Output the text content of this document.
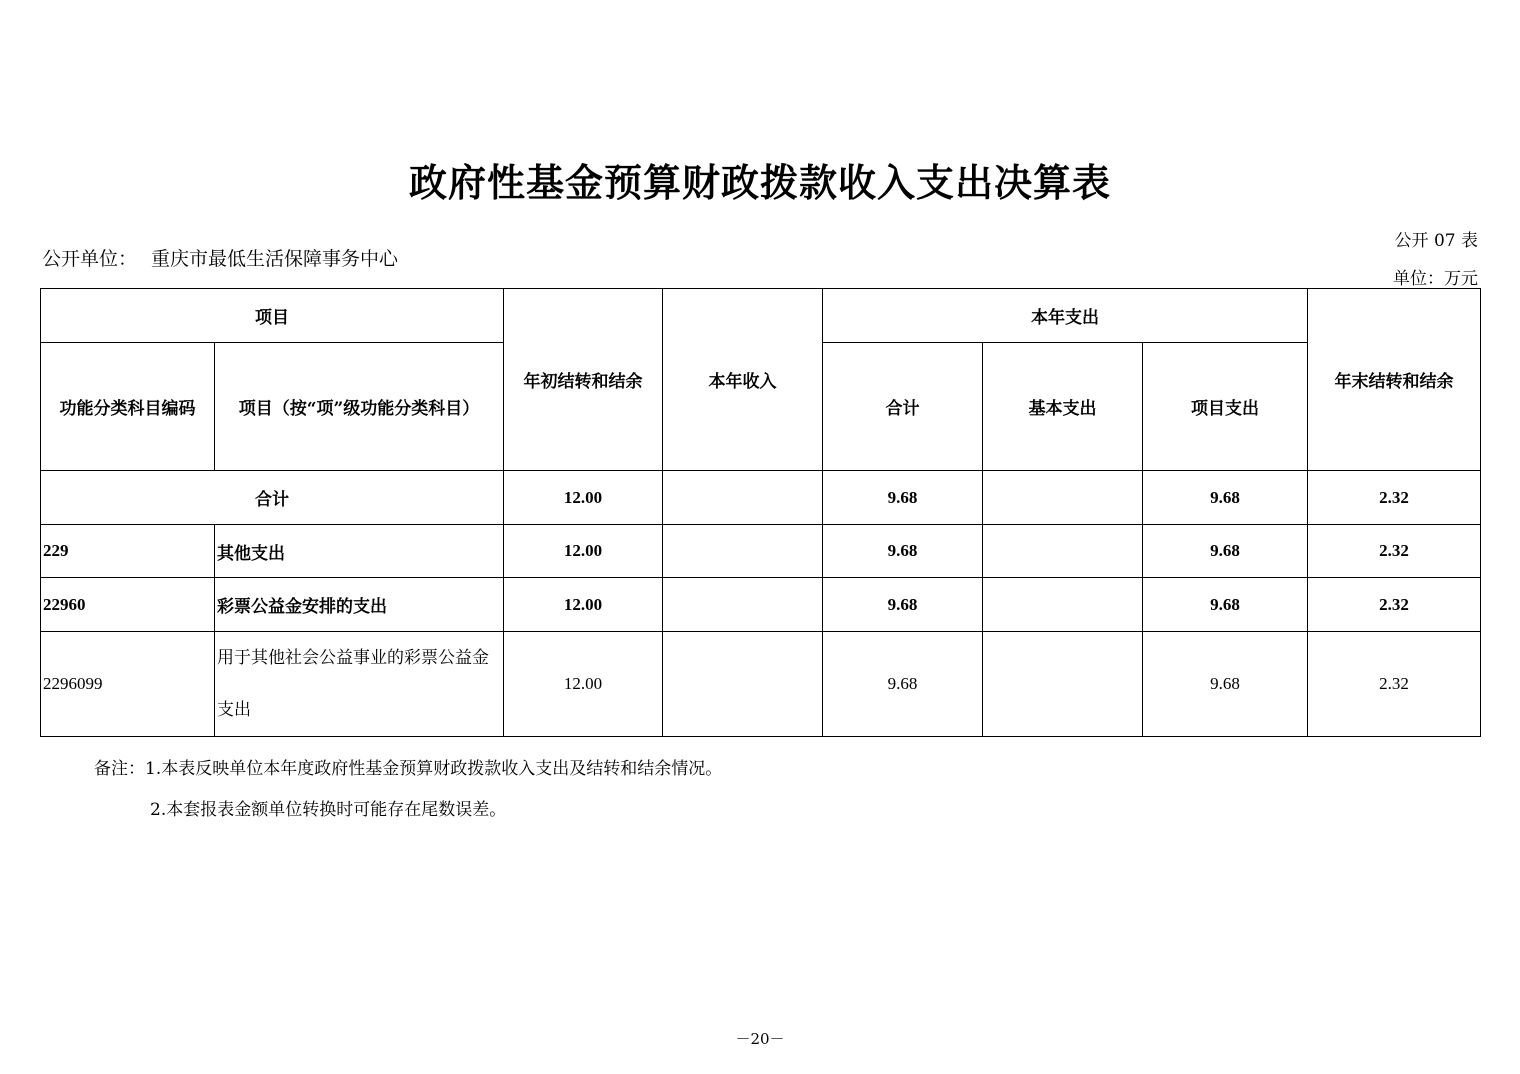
政府性基金预算财政拨款收入支出决算表
公开 07 表
公开单位： 重庆市最低生活保障事务中心
单位：万元
项目		年初结转和结余	本年收入	本年支出			年末结转和结余
功能分类科目编码	项目（按“项”级功能分类科目）			合计	基本支出	项目支出	
合计		12.00		9.68		9.68	2.32
229	其他支出	12.00		9.68		9.68	2.32
22960	彩票公益金安排的支出	12.00		9.68		9.68	2.32
2296099	用于其他社会公益事业的彩票公益金支出	12.00		9.68		9.68	2.32
备注：1.本表反映单位本年度政府性基金预算财政拨款收入支出及结转和结余情况。
2.本套报表金额单位转换时可能存在尾数误差。
－20－
